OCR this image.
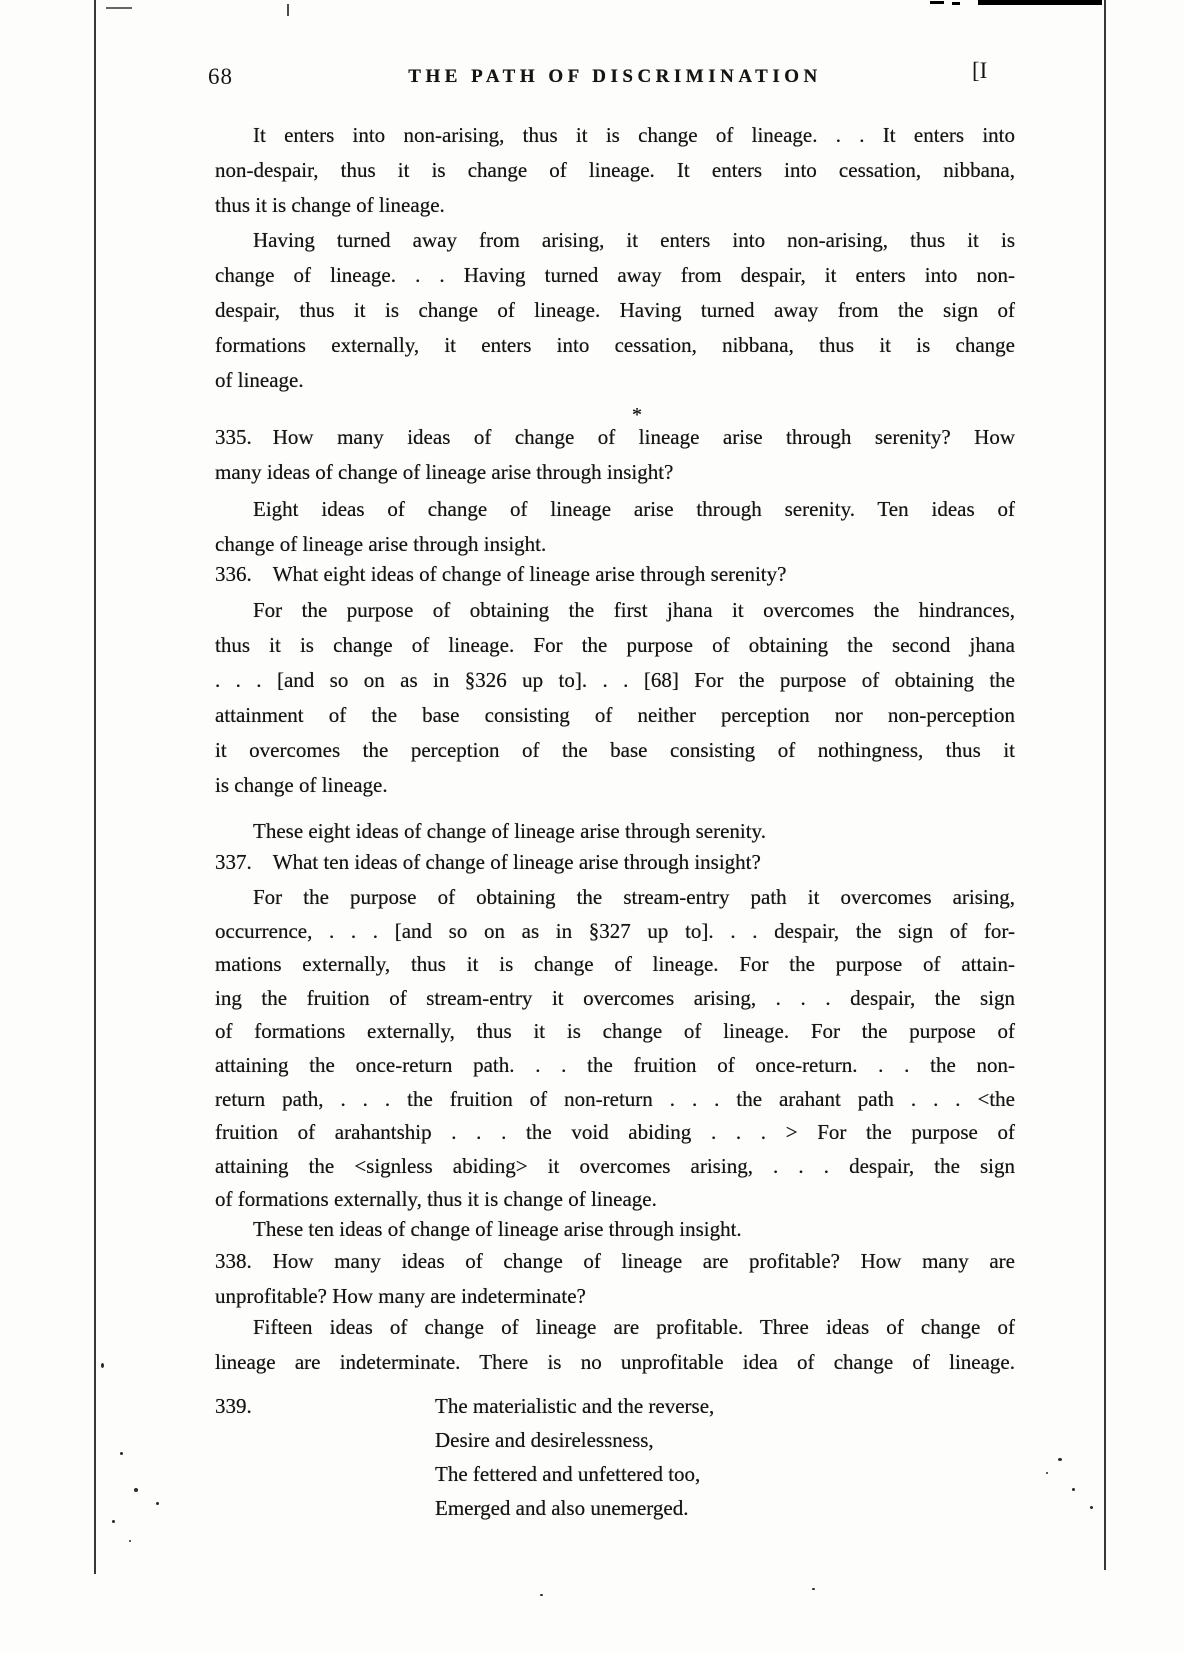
68	THE PATH OF DISCRIMINATION	[I
It enters into non-arising, thus it is change of lineage. . . It enters into
non-despair, thus it is change of lineage. It enters into cessation, nibbana,
thus it is change of lineage.
Having turned away from arising, it enters into non-arising, thus it is
change of lineage. . . Having turned away from despair, it enters into non-
despair, thus it is change of lineage. Having turned away from the sign of
formations externally, it enters into cessation, nibbana, thus it is change
of lineage.
*
335. How many ideas of change of lineage arise through serenity? How
many ideas of change of lineage arise through insight?
Eight ideas of change of lineage arise through serenity. Ten ideas of
change of lineage arise through insight.
336. What eight ideas of change of lineage arise through serenity?
For the purpose of obtaining the first jhana it overcomes the hindrances,
thus it is change of lineage. For the purpose of obtaining the second jhana
. . . [and so on as in §326 up to]. . . [68] For the purpose of obtaining the
attainment of the base consisting of neither perception nor non-perception
it overcomes the perception of the base consisting of nothingness, thus it
is change of lineage.
These eight ideas of change of lineage arise through serenity.
337. What ten ideas of change of lineage arise through insight?
For the purpose of obtaining the stream-entry path it overcomes arising,
occurrence, . . . [and so on as in §327 up to]. . . despair, the sign of for-
mations externally, thus it is change of lineage. For the purpose of attain-
ing the fruition of stream-entry it overcomes arising, . . . despair, the sign
of formations externally, thus it is change of lineage. For the purpose of
attaining the once-return path. . . the fruition of once-return. . . the non-
return path, . . . the fruition of non-return . . . the arahant path . . . <the
fruition of arahantship . . . the void abiding . . . > For the purpose of
attaining the <signless abiding> it overcomes arising, . . . despair, the sign
of formations externally, thus it is change of lineage.
These ten ideas of change of lineage arise through insight.
338. How many ideas of change of lineage are profitable? How many are
unprofitable? How many are indeterminate?
Fifteen ideas of change of lineage are profitable. Three ideas of change of
lineage are indeterminate. There is no unprofitable idea of change of lineage.
339.	The materialistic and the reverse,
Desire and desirelessness,
The fettered and unfettered too,
Emerged and also unemerged.
